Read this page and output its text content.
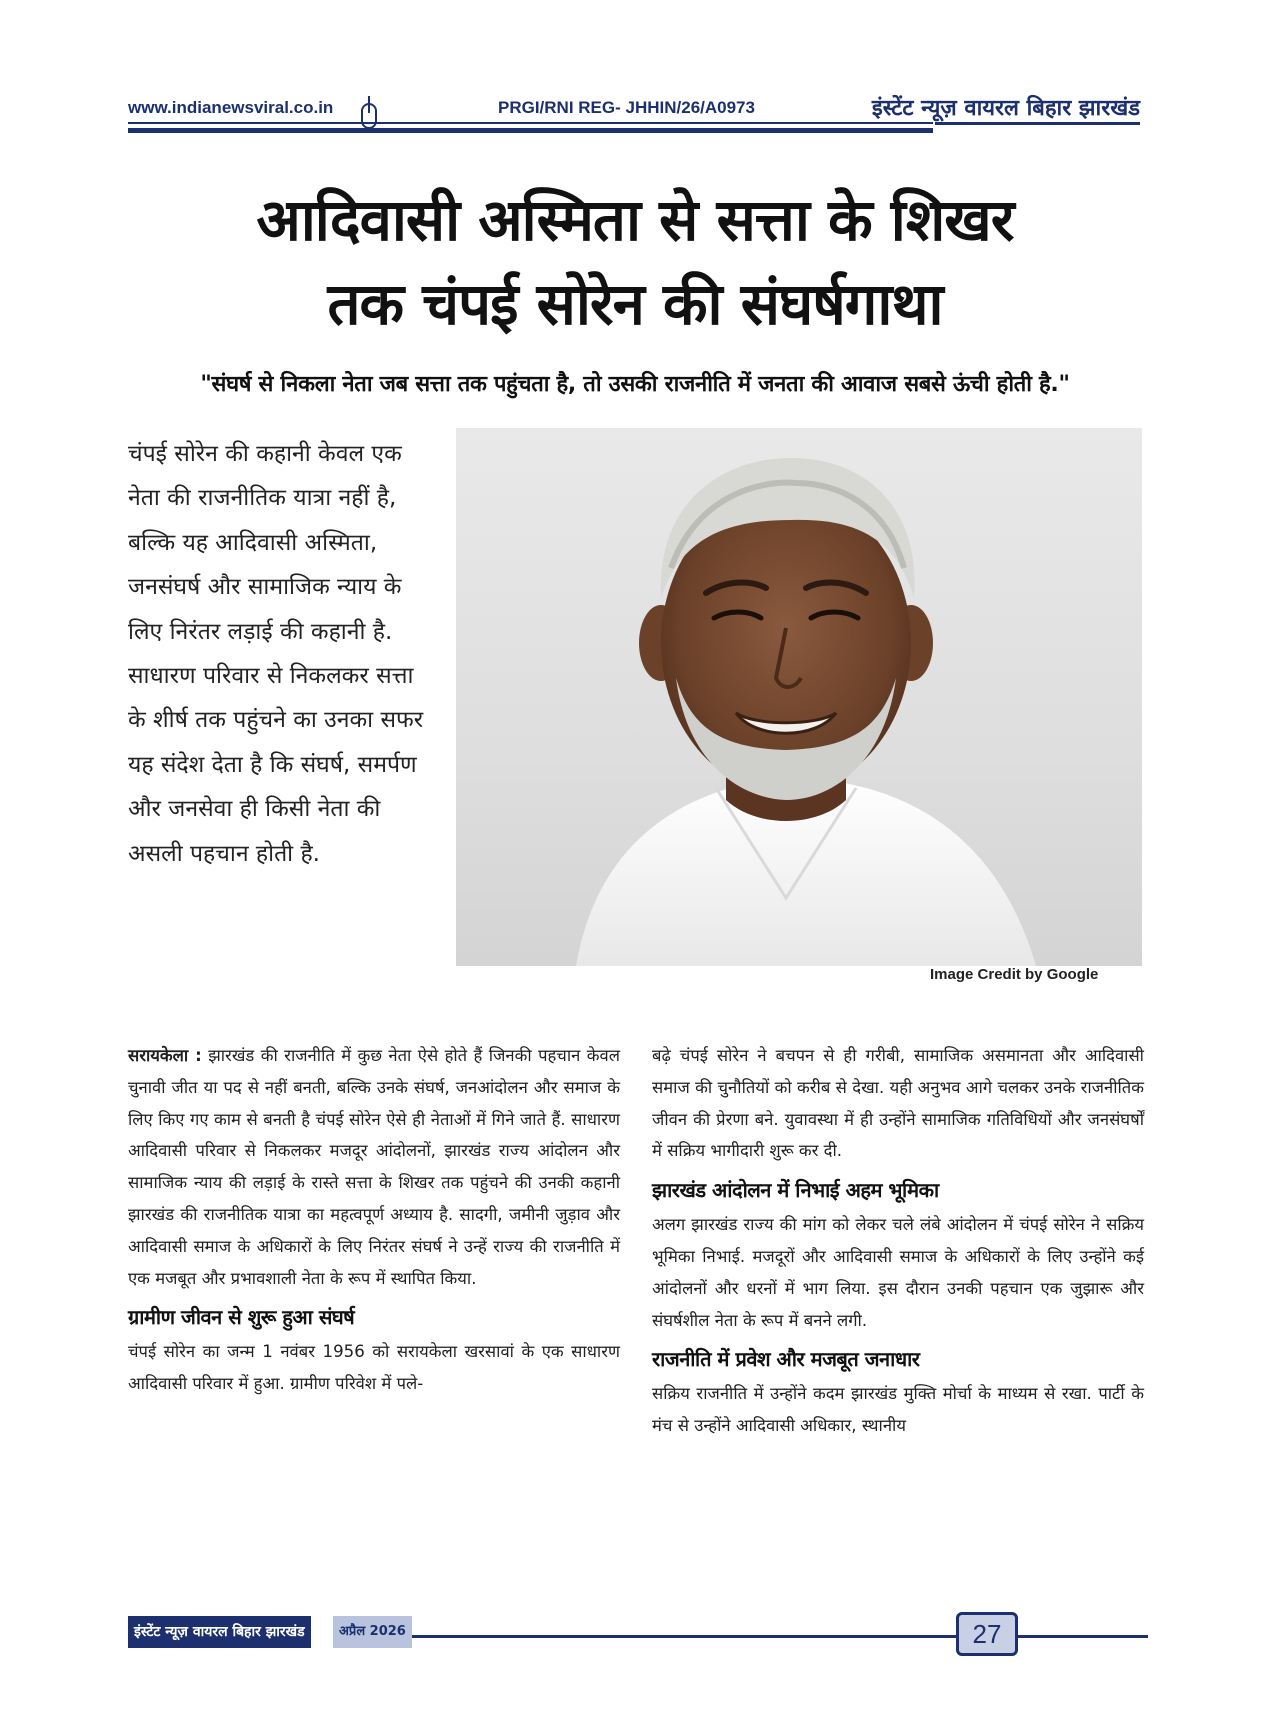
www.indianewsviral.co.in	PRGI/RNI REG- JHHIN/26/A0973	इंस्टेंट न्यूज़ वायरल बिहार झारखंड
आदिवासी अस्मिता से सत्ता के शिखर
तक चंपई सोरेन की संघर्षगाथा
"संघर्ष से निकला नेता जब सत्ता तक पहुंचता है, तो उसकी राजनीति में जनता की आवाज सबसे ऊंची होती है."
चंपई सोरेन की कहानी केवल एक नेता की राजनीतिक यात्रा नहीं है, बल्कि यह आदिवासी अस्मिता, जनसंघर्ष और सामाजिक न्याय के लिए निरंतर लड़ाई की कहानी है. साधारण परिवार से निकलकर सत्ता के शीर्ष तक पहुंचने का उनका सफर यह संदेश देता है कि संघर्ष, समर्पण और जनसेवा ही किसी नेता की असली पहचान होती है.
Image Credit by Google

सरायकेला : झारखंड की राजनीति में कुछ नेता ऐसे होते हैं जिनकी पहचान केवल चुनावी जीत या पद से नहीं बनती, बल्कि उनके संघर्ष, जनआंदोलन और समाज के लिए किए गए काम से बनती है चंपई सोरेन ऐसे ही नेताओं में गिने जाते हैं. साधारण आदिवासी परिवार से निकलकर मजदूर आंदोलनों, झारखंड राज्य आंदोलन और सामाजिक न्याय की लड़ाई के रास्ते सत्ता के शिखर तक पहुंचने की उनकी कहानी झारखंड की राजनीतिक यात्रा का महत्वपूर्ण अध्याय है. सादगी, जमीनी जुड़ाव और आदिवासी समाज के अधिकारों के लिए निरंतर संघर्ष ने उन्हें राज्य की राजनीति में एक मजबूत और प्रभावशाली नेता के रूप में स्थापित किया.

ग्रामीण जीवन से शुरू हुआ संघर्ष

चंपई सोरेन का जन्म 1 नवंबर 1956 को सरायकेला खरसावां के एक साधारण आदिवासी परिवार में हुआ. ग्रामीण परिवेश में पले-

बढ़े चंपई सोरेन ने बचपन से ही गरीबी, सामाजिक असमानता और आदिवासी समाज की चुनौतियों को करीब से देखा. यही अनुभव आगे चलकर उनके राजनीतिक जीवन की प्रेरणा बने. युवावस्था में ही उन्होंने सामाजिक गतिविधियों और जनसंघर्षों में सक्रिय भागीदारी शुरू कर दी.

झारखंड आंदोलन में निभाई अहम भूमिका

अलग झारखंड राज्य की मांग को लेकर चले लंबे आंदोलन में चंपई सोरेन ने सक्रिय भूमिका निभाई. मजदूरों और आदिवासी समाज के अधिकारों के लिए उन्होंने कई आंदोलनों और धरनों में भाग लिया. इस दौरान उनकी पहचान एक जुझारू और संघर्षशील नेता के रूप में बनने लगी.

राजनीति में प्रवेश और मजबूत जनाधार

सक्रिय राजनीति में उन्होंने कदम झारखंड मुक्ति मोर्चा के माध्यम से रखा. पार्टी के मंच से उन्होंने आदिवासी अधिकार, स्थानीय

इंस्टेंट न्यूज़ वायरल बिहार झारखंड	अप्रैल 2026	27
